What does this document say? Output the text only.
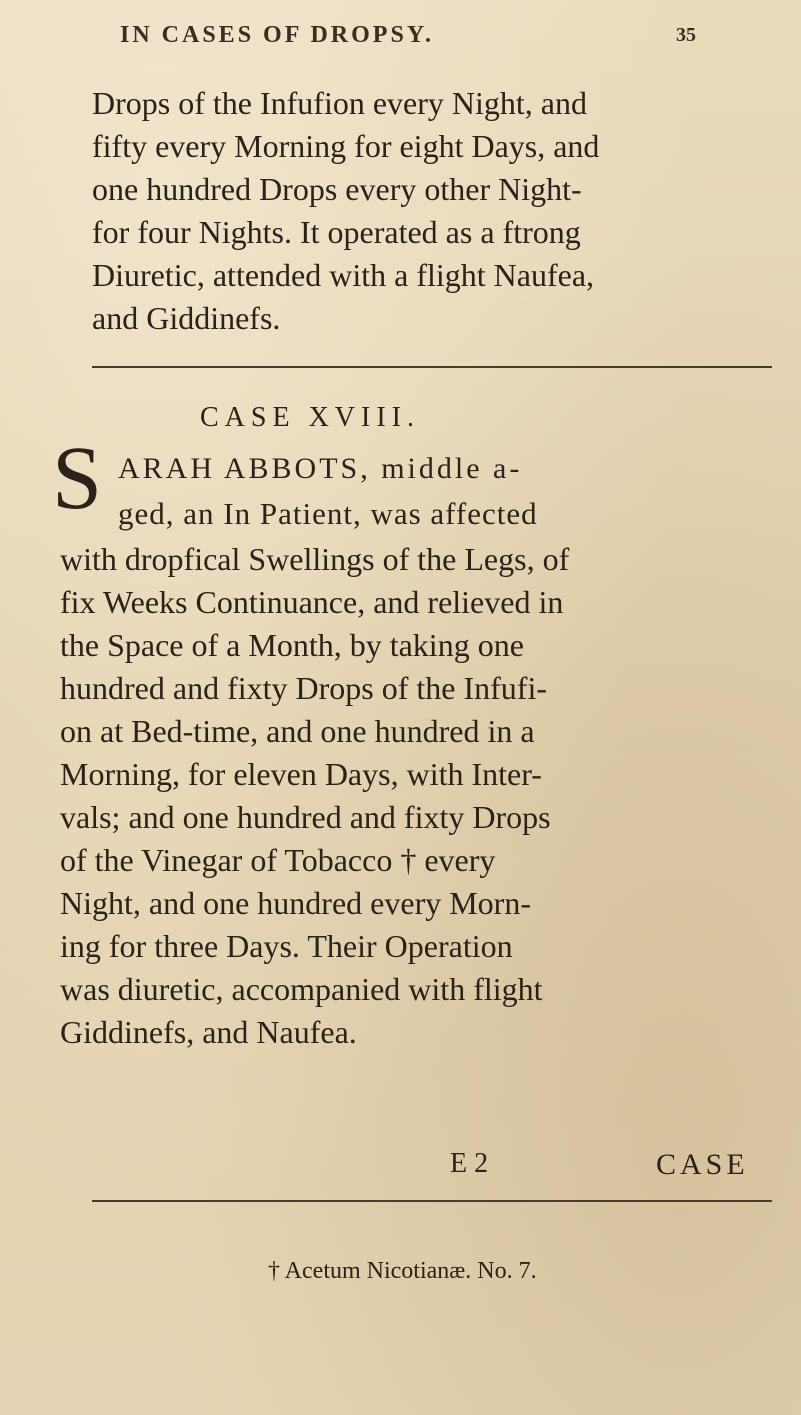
IN CASES OF DROPSY.	35

Drops of the Infufion every Night, and
fifty every Morning for eight Days, and
one hundred Drops every other Night-
for four Nights. It operated as a ftrong
Diuretic, attended with a flight Naufea,
and Giddinefs.

CASE XVIII.
S ARAH ABBOTS, middle a-
ged, an In Patient, was affected

with dropfical Swellings of the Legs, of
fix Weeks Continuance, and relieved in
the Space of a Month, by taking one
hundred and fixty Drops of the Infufi-
on at Bed-time, and one hundred in a
Morning, for eleven Days, with Inter-
vals; and one hundred and fixty Drops
of the Vinegar of Tobacco † every
Night, and one hundred every Morn-
ing for three Days. Their Operation
was diuretic, accompanied with flight
Giddinefs, and Naufea.

E 2	CASE
† Acetum Nicotianæ. No. 7.
